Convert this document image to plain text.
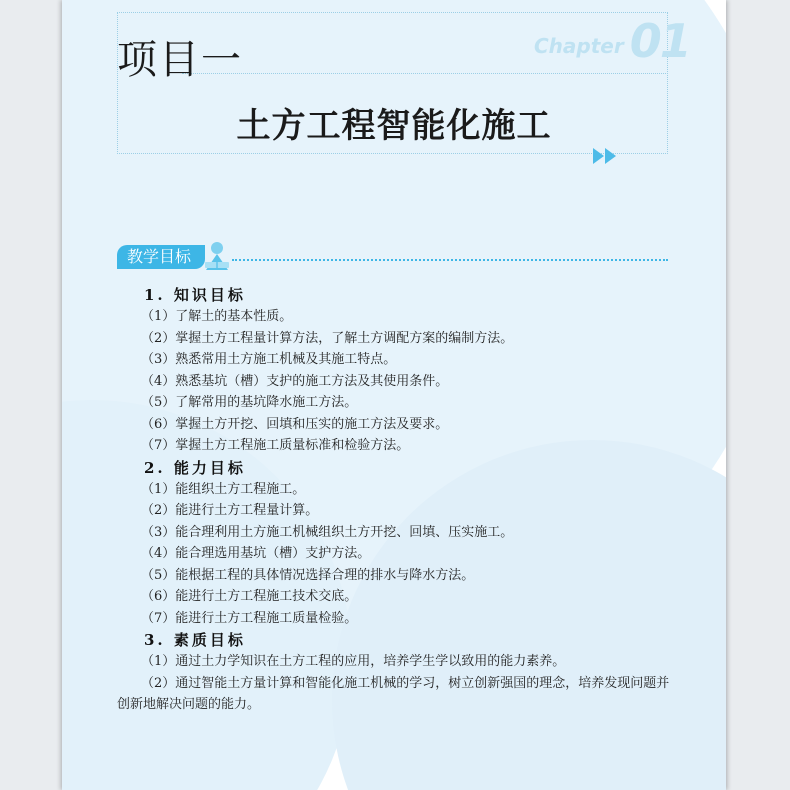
项目一	Chapter 01
土方工程智能化施工
教学目标
1. 知识目标
（1）了解土的基本性质。
（2）掌握土方工程量计算方法，了解土方调配方案的编制方法。
（3）熟悉常用土方施工机械及其施工特点。
（4）熟悉基坑（槽）支护的施工方法及其使用条件。
（5）了解常用的基坑降水施工方法。
（6）掌握土方开挖、回填和压实的施工方法及要求。
（7）掌握土方工程施工质量标准和检验方法。
2. 能力目标
（1）能组织土方工程施工。
（2）能进行土方工程量计算。
（3）能合理利用土方施工机械组织土方开挖、回填、压实施工。
（4）能合理选用基坑（槽）支护方法。
（5）能根据工程的具体情况选择合理的排水与降水方法。
（6）能进行土方工程施工技术交底。
（7）能进行土方工程施工质量检验。
3. 素质目标
（1）通过土力学知识在土方工程的应用，培养学生学以致用的能力素养。
（2）通过智能土方量计算和智能化施工机械的学习，树立创新强国的理念，培养发现问题并创新地解决问题的能力。
